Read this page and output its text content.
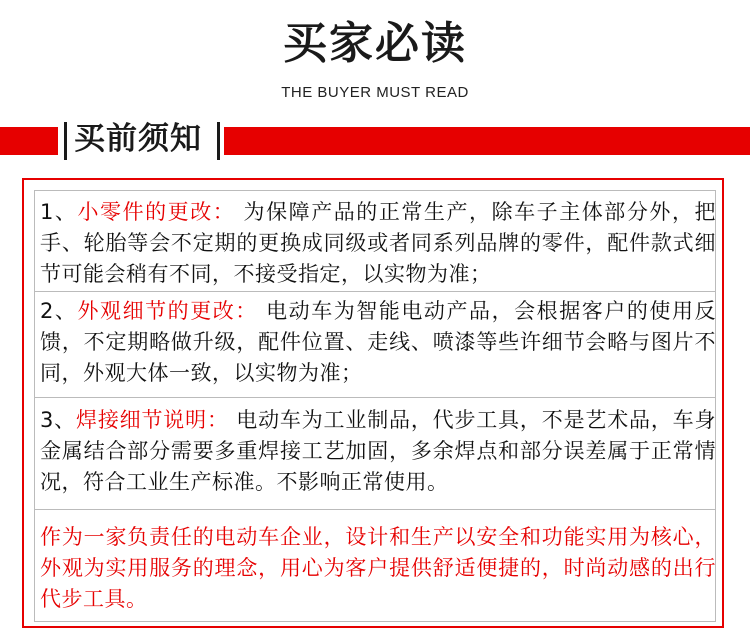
买家必读
THE BUYER MUST READ
买前须知
1、小零件的更改： 为保障产品的正常生产，除车子主体部分外，把手、轮胎等会不定期的更换成同级或者同系列品牌的零件，配件款式细节可能会稍有不同，不接受指定，以实物为准；
2、外观细节的更改： 电动车为智能电动产品，会根据客户的使用反馈，不定期略做升级，配件位置、走线、喷漆等些许细节会略与图片不同，外观大体一致，以实物为准；
3、焊接细节说明： 电动车为工业制品，代步工具，不是艺术品，车身金属结合部分需要多重焊接工艺加固，多余焊点和部分误差属于正常情况，符合工业生产标准。不影响正常使用。
作为一家负责任的电动车企业，设计和生产以安全和功能实用为核心，外观为实用服务的理念，用心为客户提供舒适便捷的，时尚动感的出行代步工具。
